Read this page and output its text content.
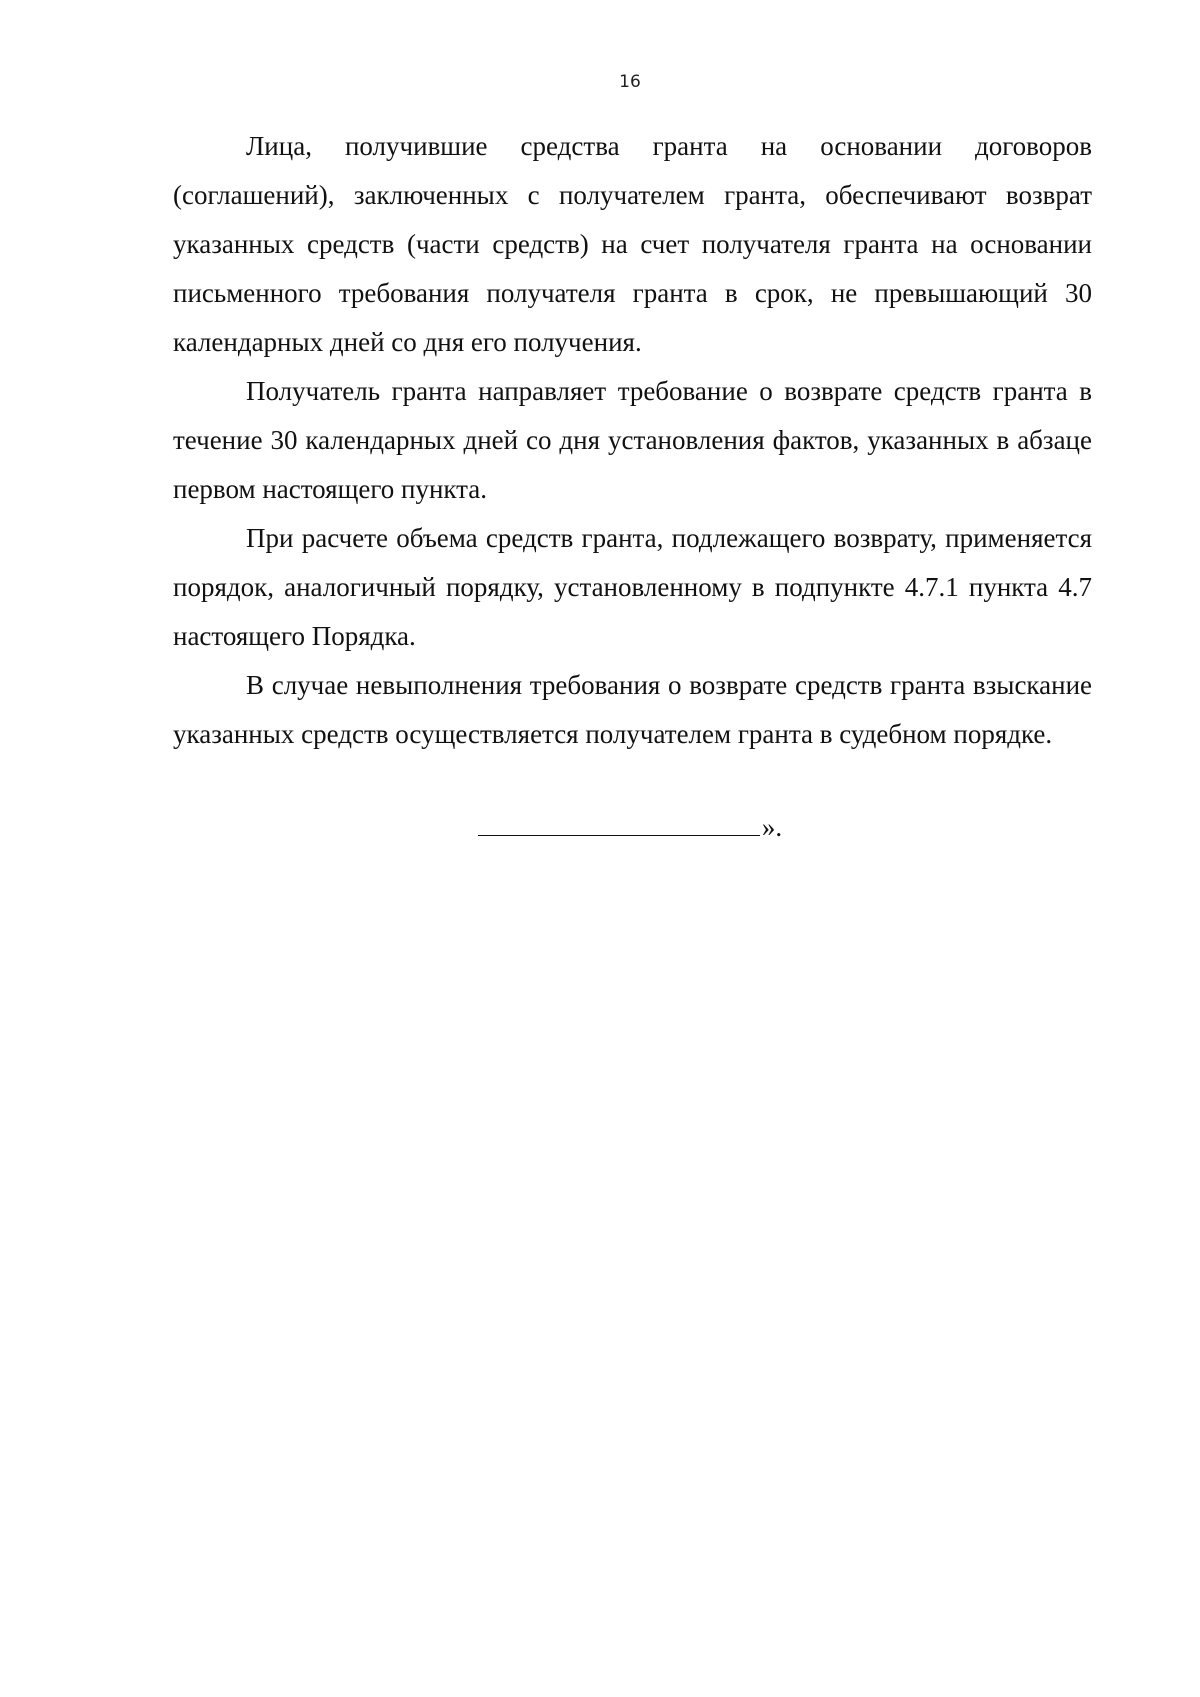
16

Лица, получившие средства гранта на основании договоров (соглашений), заключенных с получателем гранта, обеспечивают возврат указанных средств (части средств) на счет получателя гранта на основании письменного требования получателя гранта в срок, не превышающий 30 календарных дней со дня его получения.

Получатель гранта направляет требование о возврате средств гранта в течение 30 календарных дней со дня установления фактов, указанных в абзаце первом настоящего пункта.

При расчете объема средств гранта, подлежащего возврату, применяется порядок, аналогичный порядку, установленному в подпункте 4.7.1 пункта 4.7 настоящего Порядка.

В случае невыполнения требования о возврате средств гранта взыскание указанных средств осуществляется получателем гранта в судебном порядке.

».
